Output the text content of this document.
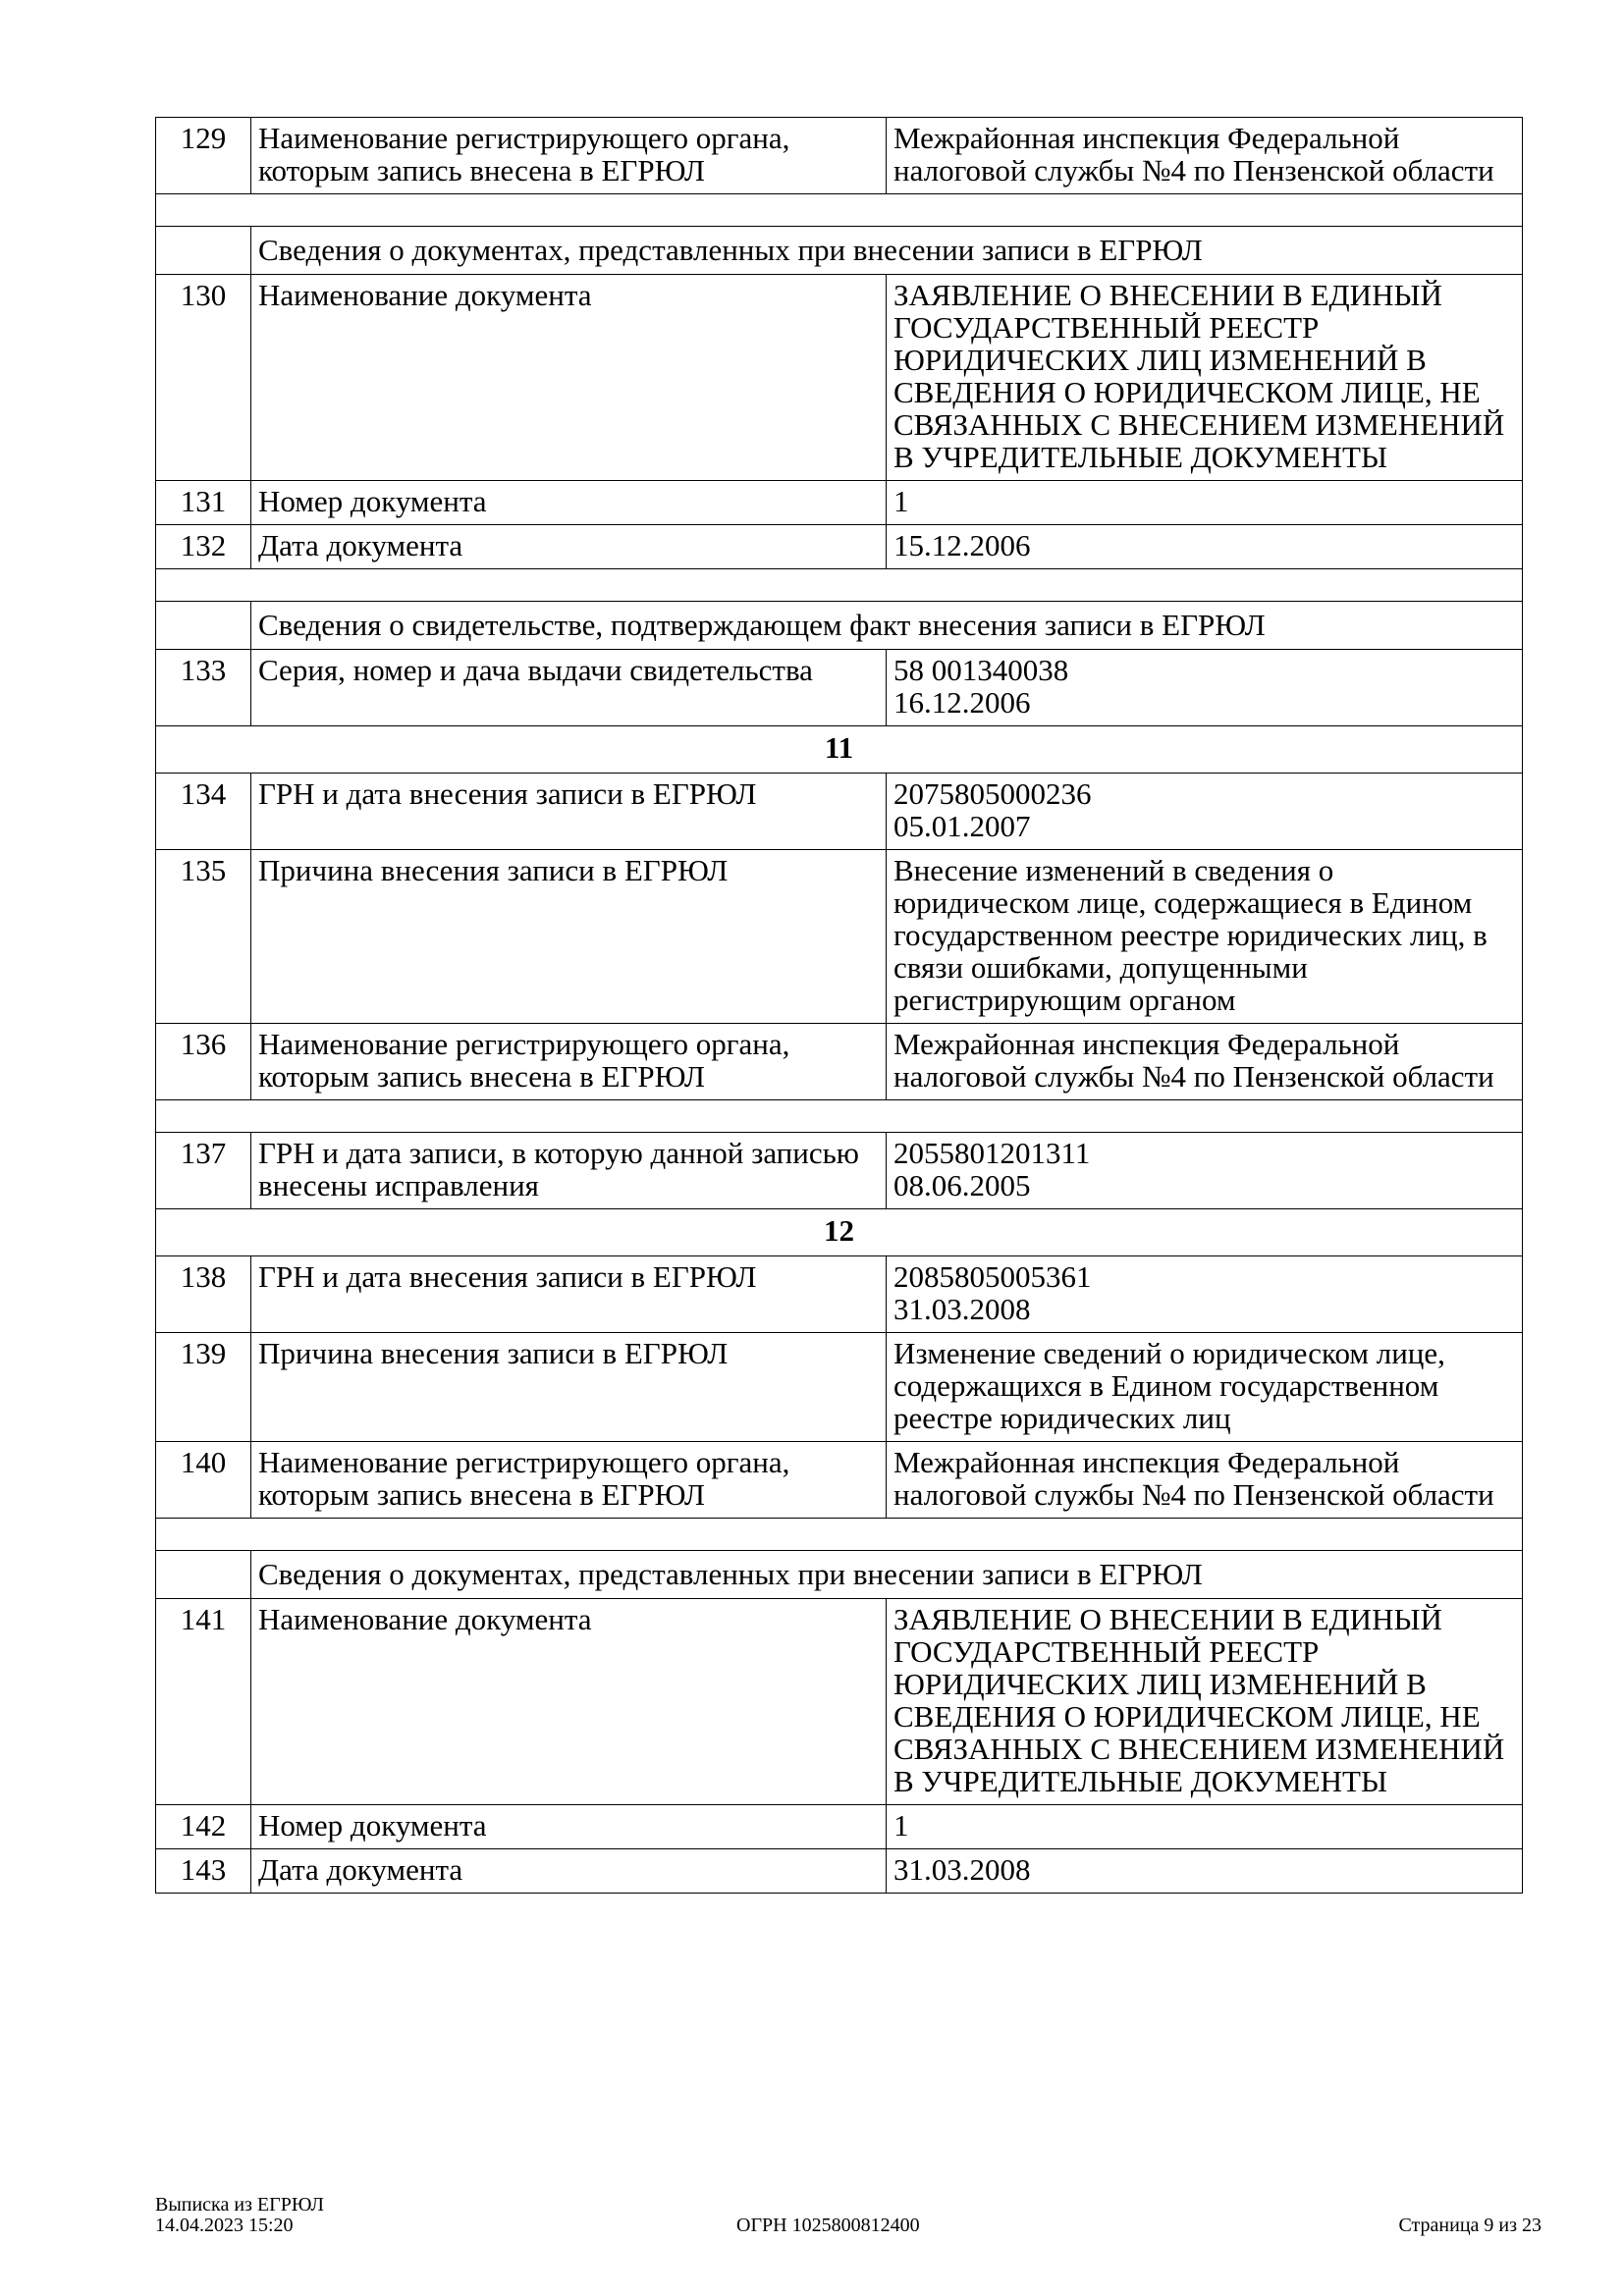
129	Наименование регистрирующего органа, которым запись внесена в ЕГРЮЛ	Межрайонная инспекция Федеральной налоговой службы №4 по Пензенской области

	Сведения о документах, представленных при внесении записи в ЕГРЮЛ	
130	Наименование документа	ЗАЯВЛЕНИЕ О ВНЕСЕНИИ В ЕДИНЫЙ ГОСУДАРСТВЕННЫЙ РЕЕСТР ЮРИДИЧЕСКИХ ЛИЦ ИЗМЕНЕНИЙ В СВЕДЕНИЯ О ЮРИДИЧЕСКОМ ЛИЦЕ, НЕ СВЯЗАННЫХ С ВНЕСЕНИЕМ ИЗМЕНЕНИЙ В УЧРЕДИТЕЛЬНЫЕ ДОКУМЕНТЫ
131	Номер документа	1
132	Дата документа	15.12.2006

	Сведения о свидетельстве, подтверждающем факт внесения записи в ЕГРЮЛ	
133	Серия, номер и дача выдачи свидетельства	58 001340038
16.12.2006
11		
134	ГРН и дата внесения записи в ЕГРЮЛ	2075805000236
05.01.2007
135	Причина внесения записи в ЕГРЮЛ	Внесение изменений в сведения о юридическом лице, содержащиеся в Едином государственном реестре юридических лиц, в связи ошибками, допущенными регистрирующим органом
136	Наименование регистрирующего органа, которым запись внесена в ЕГРЮЛ	Межрайонная инспекция Федеральной налоговой службы №4 по Пензенской области

137	ГРН и дата записи, в которую данной записью внесены исправления	2055801201311
08.06.2005
12		
138	ГРН и дата внесения записи в ЕГРЮЛ	2085805005361
31.03.2008
139	Причина внесения записи в ЕГРЮЛ	Изменение сведений о юридическом лице, содержащихся в Едином государственном реестре юридических лиц
140	Наименование регистрирующего органа, которым запись внесена в ЕГРЮЛ	Межрайонная инспекция Федеральной налоговой службы №4 по Пензенской области

	Сведения о документах, представленных при внесении записи в ЕГРЮЛ	
141	Наименование документа	ЗАЯВЛЕНИЕ О ВНЕСЕНИИ В ЕДИНЫЙ ГОСУДАРСТВЕННЫЙ РЕЕСТР ЮРИДИЧЕСКИХ ЛИЦ ИЗМЕНЕНИЙ В СВЕДЕНИЯ О ЮРИДИЧЕСКОМ ЛИЦЕ, НЕ СВЯЗАННЫХ С ВНЕСЕНИЕМ ИЗМЕНЕНИЙ В УЧРЕДИТЕЛЬНЫЕ ДОКУМЕНТЫ
142	Номер документа	1
143	Дата документа	31.03.2008
Выписка из ЕГРЮЛ
14.04.2023 15:20	ОГРН 1025800812400	Страница 9 из 23
